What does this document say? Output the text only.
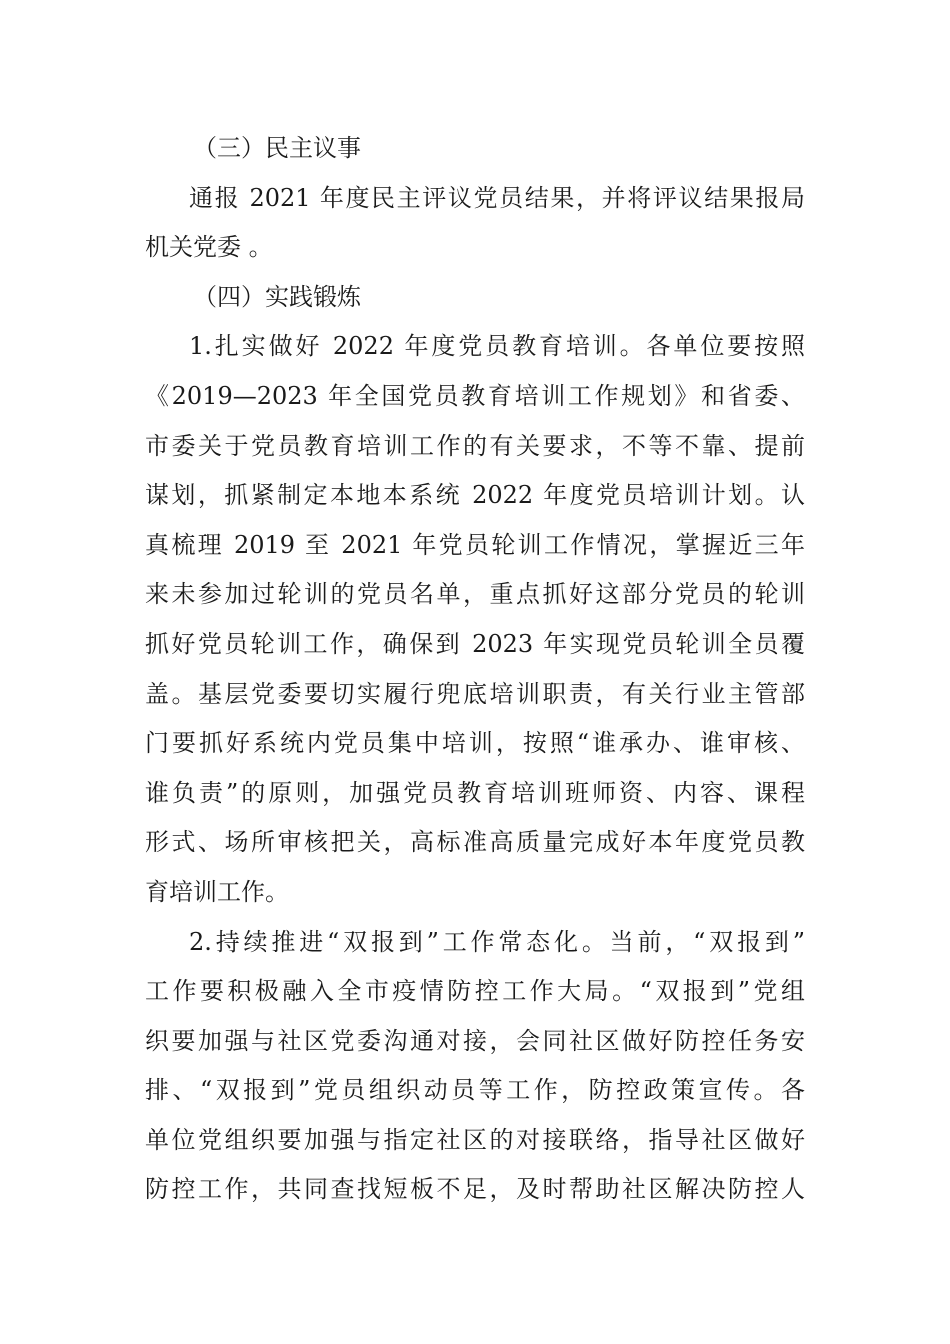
（三）民主议事
通报 2021 年度民主评议党员结果，并将评议结果报局
机关党委 。
（四）实践锻炼
1.扎实做好 2022 年度党员教育培训。各单位要按照
《2019—2023 年全国党员教育培训工作规划》和省委、
市委关于党员教育培训工作的有关要求，不等不靠、提前
谋划，抓紧制定本地本系统 2022 年度党员培训计划。认
真梳理 2019 至 2021 年党员轮训工作情况，掌握近三年
来未参加过轮训的党员名单，重点抓好这部分党员的轮训
抓好党员轮训工作，确保到 2023 年实现党员轮训全员覆
盖。基层党委要切实履行兜底培训职责，有关行业主管部
门要抓好系统内党员集中培训，按照“谁承办、谁审核、
谁负责”的原则，加强党员教育培训班师资、内容、课程
形式、场所审核把关，高标准高质量完成好本年度党员教
育培训工作。
2.持续推进“双报到”工作常态化。当前，“双报到”
工作要积极融入全市疫情防控工作大局。“双报到”党组
织要加强与社区党委沟通对接，会同社区做好防控任务安
排、“双报到”党员组织动员等工作，防控政策宣传。各
单位党组织要加强与指定社区的对接联络，指导社区做好
防控工作，共同查找短板不足，及时帮助社区解决防控人
